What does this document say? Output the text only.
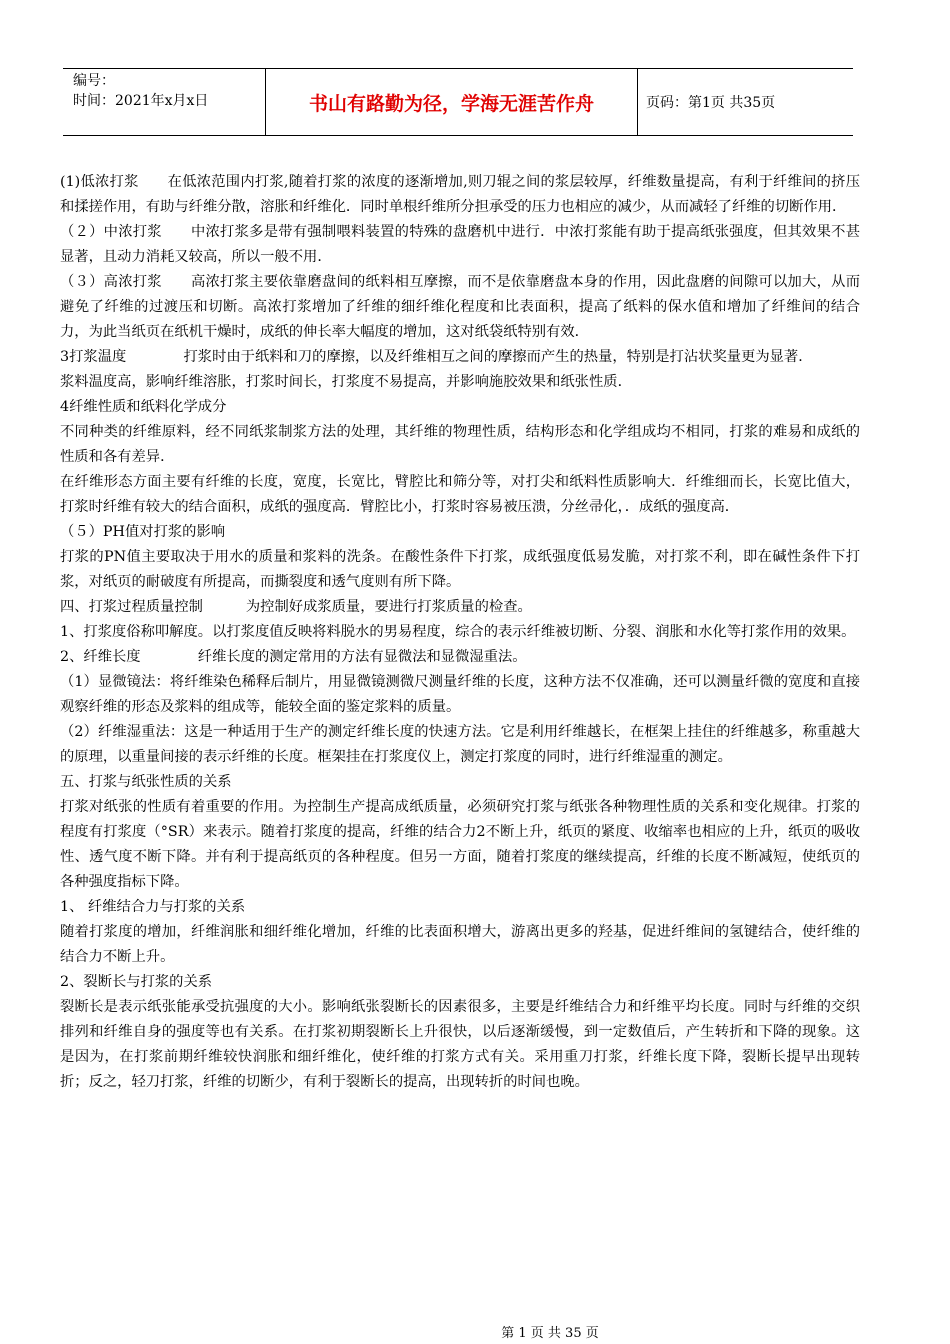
编号：
时间：2021年x月x日	书山有路勤为径，学海无涯苦作舟	页码：第1页 共35页

(1)低浓打浆　　在低浓范围内打浆,随着打浆的浓度的逐渐增加,则刀辊之间的浆层较厚，纤维数量提高，有利于纤维间的挤压和揉搓作用，有助与纤维分散，溶胀和纤维化．同时单根纤维所分担承受的压力也相应的减少，从而减轻了纤维的切断作用．

（２）中浓打浆　　中浓打浆多是带有强制喂料装置的特殊的盘磨机中进行．中浓打浆能有助于提高纸张强度，但其效果不甚显著，且动力消耗又较高，所以一般不用．

（３）高浓打浆　　高浓打浆主要依靠磨盘间的纸料相互摩擦，而不是依靠磨盘本身的作用，因此盘磨的间隙可以加大，从而避免了纤维的过渡压和切断。高浓打浆增加了纤维的细纤维化程度和比表面积，提高了纸料的保水值和增加了纤维间的结合力，为此当纸页在纸机干燥时，成纸的伸长率大幅度的增加，这对纸袋纸特别有效．

3打浆温度　　　　打浆时由于纸料和刀的摩擦，以及纤维相互之间的摩擦而产生的热量，特别是打沾状奖量更为显著．

浆料温度高，影响纤维溶胀，打浆时间长，打浆度不易提高，并影响施胶效果和纸张性质．

4纤维性质和纸料化学成分

不同种类的纤维原料，经不同纸浆制浆方法的处理，其纤维的物理性质，结构形态和化学组成均不相同，打浆的难易和成纸的性质和各有差异．

在纤维形态方面主要有纤维的长度，宽度，长宽比，臂腔比和筛分等，对打尖和纸料性质影响大．纤维细而长，长宽比值大，打浆时纤维有较大的结合面积，成纸的强度高．臂腔比小，打浆时容易被压溃，分丝帚化，．成纸的强度高．

（５）PH值对打浆的影响

打浆的PN值主要取决于用水的质量和浆料的洗条。在酸性条件下打浆，成纸强度低易发脆，对打浆不利，即在碱性条件下打浆，对纸页的耐破度有所提高，而撕裂度和透气度则有所下降。

四、打浆过程质量控制　　　为控制好成浆质量，要进行打浆质量的检查。

1、打浆度俗称叩解度。以打浆度值反映将料脱水的男易程度，综合的表示纤维被切断、分裂、润胀和水化等打浆作用的效果。

2、纤维长度　　　　纤维长度的测定常用的方法有显微法和显微湿重法。

（1）显微镜法：将纤维染色稀释后制片，用显微镜测微尺测量纤维的长度，这种方法不仅准确，还可以测量纤微的宽度和直接观察纤维的形态及浆料的组成等，能较全面的鉴定浆料的质量。

（2）纤维湿重法：这是一种适用于生产的测定纤维长度的快速方法。它是利用纤维越长，在框架上挂住的纤维越多，称重越大的原理，以重量间接的表示纤维的长度。框架挂在打浆度仪上，测定打浆度的同时，进行纤维湿重的测定。

五、打浆与纸张性质的关系

打浆对纸张的性质有着重要的作用。为控制生产提高成纸质量，必须研究打浆与纸张各种物理性质的关系和变化规律。打浆的程度有打浆度（°SR）来表示。随着打浆度的提高，纤维的结合力2不断上升，纸页的紧度、收缩率也相应的上升，纸页的吸收性、透气度不断下降。并有利于提高纸页的各种程度。但另一方面，随着打浆度的继续提高，纤维的长度不断减短，使纸页的各种强度指标下降。

1、 纤维结合力与打浆的关系

随着打浆度的增加，纤维润胀和细纤维化增加，纤维的比表面积增大，游离出更多的羟基，促进纤维间的氢键结合，使纤维的结合力不断上升。

2、裂断长与打浆的关系

裂断长是表示纸张能承受抗强度的大小。影响纸张裂断长的因素很多，主要是纤维结合力和纤维平均长度。同时与纤维的交织排列和纤维自身的强度等也有关系。在打浆初期裂断长上升很快，以后逐渐缓慢，到一定数值后，产生转折和下降的现象。这是因为，在打浆前期纤维较快润胀和细纤维化，使纤维的打浆方式有关。采用重刀打浆，纤维长度下降，裂断长提早出现转折；反之，轻刀打浆，纤维的切断少，有利于裂断长的提高，出现转折的时间也晚。

第 1 页 共 35 页
